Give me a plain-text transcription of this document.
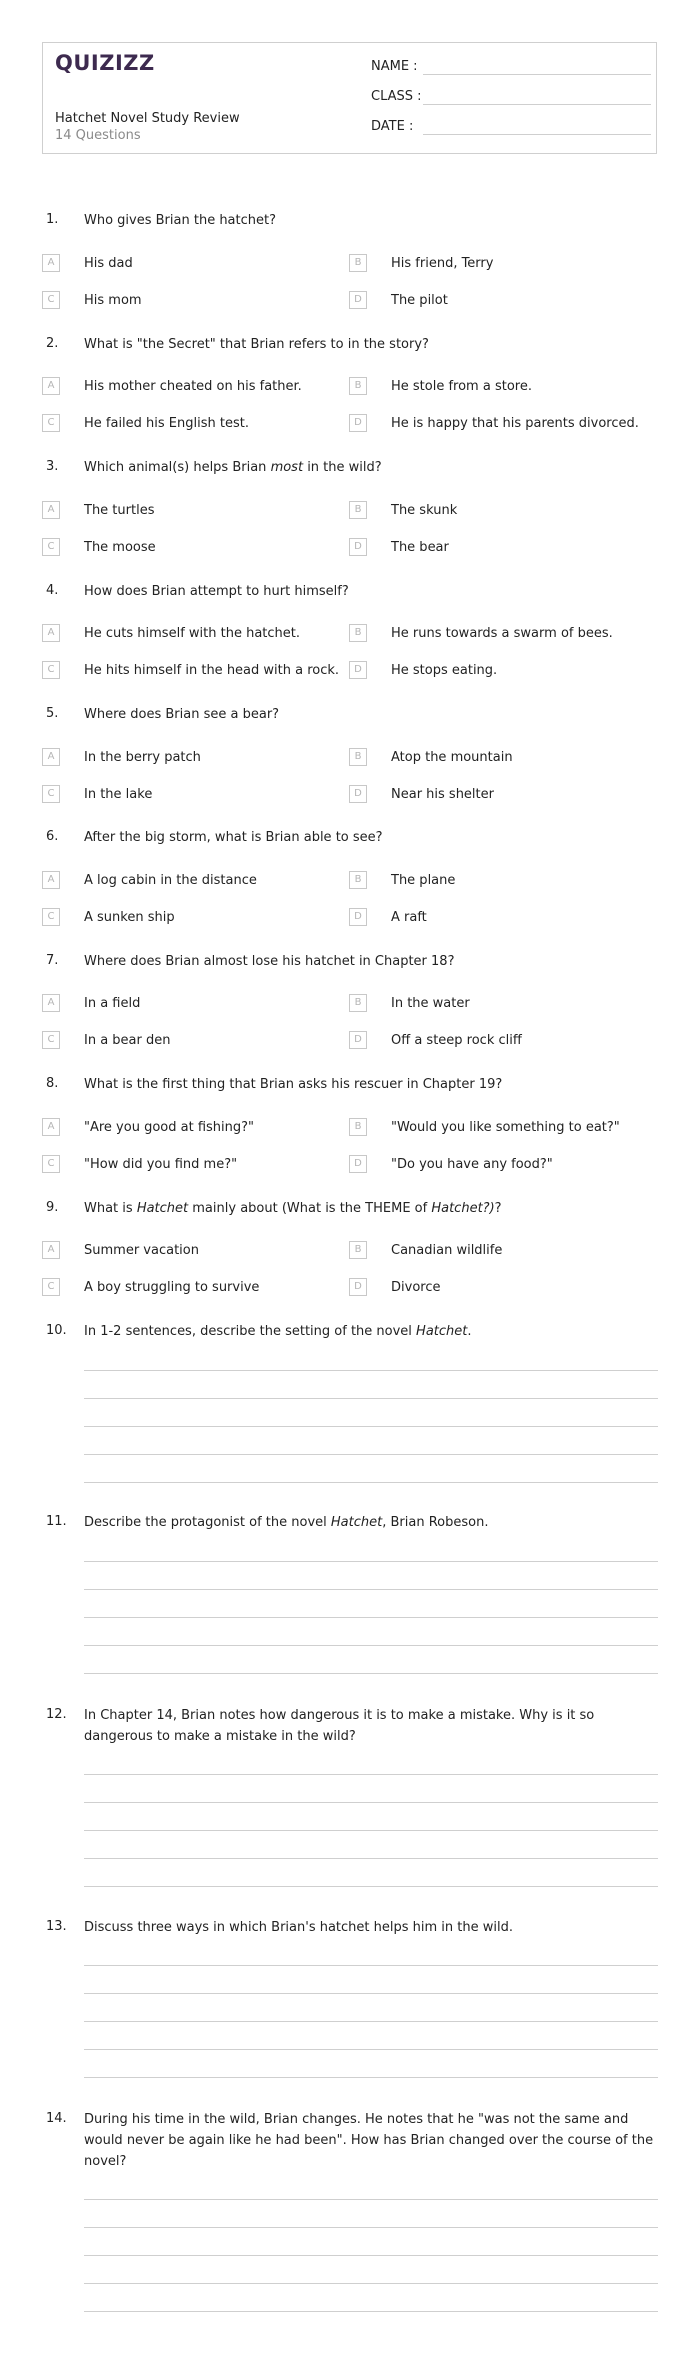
QUIZIZZ
Hatchet Novel Study Review
14 Questions
NAME :
CLASS :
DATE :
1.	Who gives Brian the hatchet?
A	His dad	B	His friend, Terry
C	His mom	D	The pilot
2.	What is "the Secret" that Brian refers to in the story?
A	His mother cheated on his father.	B	He stole from a store.
C	He failed his English test.	D	He is happy that his parents divorced.
3.	Which animal(s) helps Brian most in the wild?
A	The turtles	B	The skunk
C	The moose	D	The bear
4.	How does Brian attempt to hurt himself?
A	He cuts himself with the hatchet.	B	He runs towards a swarm of bees.
C	He hits himself in the head with a rock.	D	He stops eating.
5.	Where does Brian see a bear?
A	In the berry patch	B	Atop the mountain
C	In the lake	D	Near his shelter
6.	After the big storm, what is Brian able to see?
A	A log cabin in the distance	B	The plane
C	A sunken ship	D	A raft
7.	Where does Brian almost lose his hatchet in Chapter 18?
A	In a field	B	In the water
C	In a bear den	D	Off a steep rock cliff
8.	What is the first thing that Brian asks his rescuer in Chapter 19?
A	"Are you good at fishing?"	B	"Would you like something to eat?"
C	"How did you find me?"	D	"Do you have any food?"
9.	What is Hatchet mainly about (What is the THEME of Hatchet?)?
A	Summer vacation	B	Canadian wildlife
C	A boy struggling to survive	D	Divorce
10. In 1-2 sentences, describe the setting of the novel Hatchet.
11. Describe the protagonist of the novel Hatchet, Brian Robeson.
12. In Chapter 14, Brian notes how dangerous it is to make a mistake. Why is it so dangerous to make a mistake in the wild?
13. Discuss three ways in which Brian's hatchet helps him in the wild.
14. During his time in the wild, Brian changes. He notes that he "was not the same and would never be again like he had been". How has Brian changed over the course of the novel?
